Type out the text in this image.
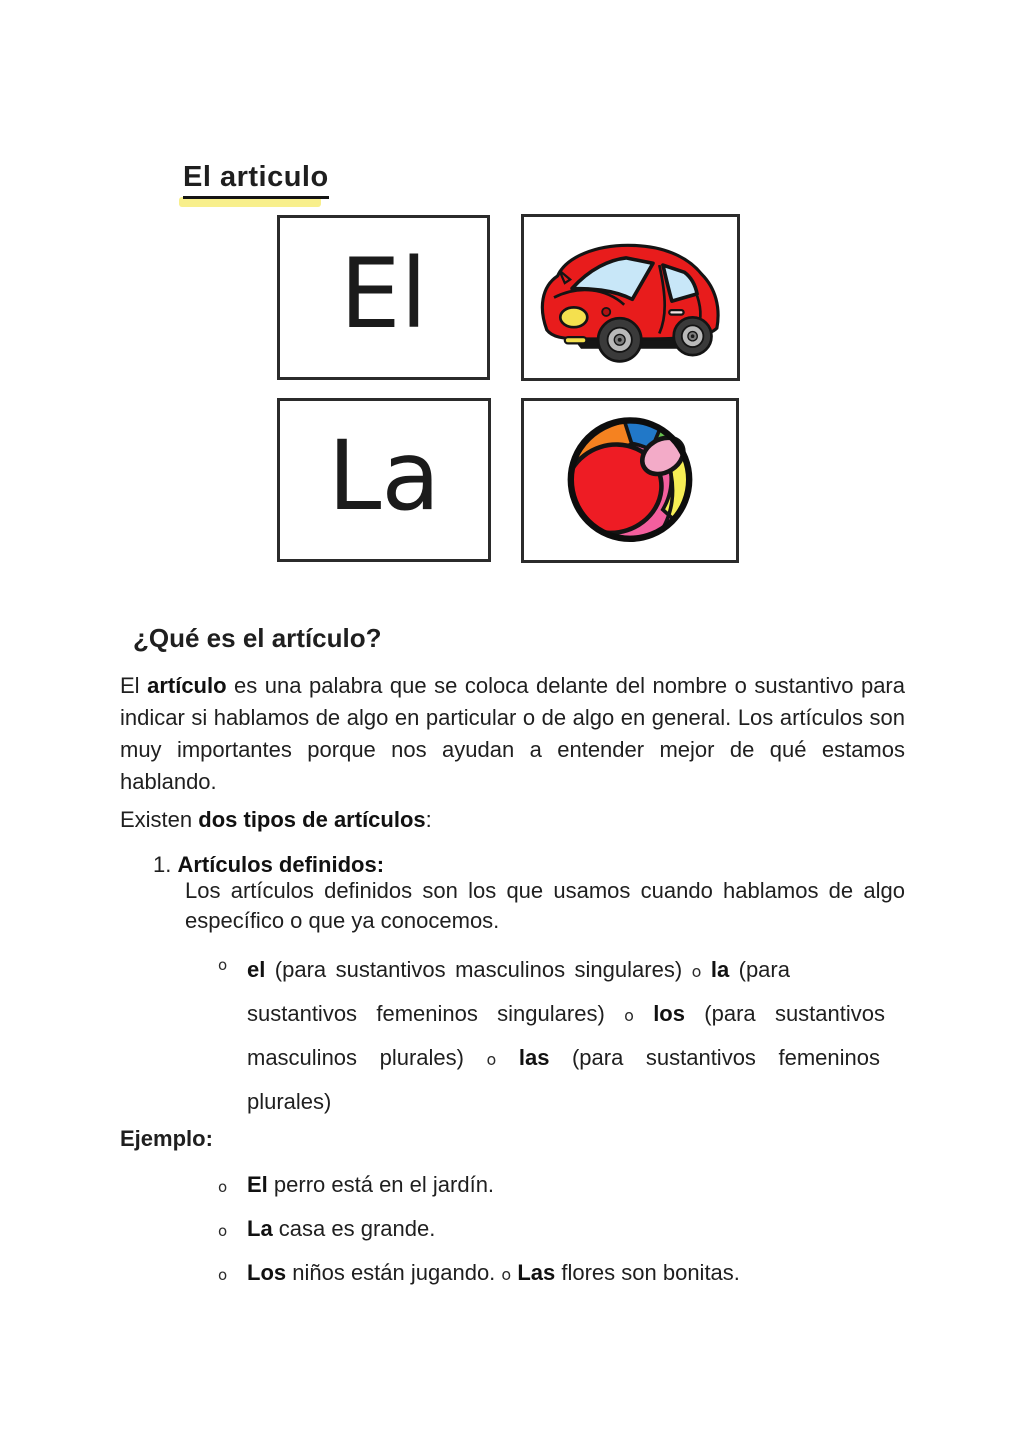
El articulo
El
La
¿Qué es el artículo?
El artículo es una palabra que se coloca delante del nombre o sustantivo para
indicar si hablamos de algo en particular o de algo en general. Los artículos son
muy importantes porque nos ayudan a entender mejor de qué estamos
hablando.
Existen dos tipos de artículos:
1. Artículos definidos:
Los artículos definidos son los que usamos cuando hablamos de algo
específico o que ya conocemos.
o el (para sustantivos masculinos singulares) o la (para
sustantivos femeninos singulares) o los (para sustantivos
masculinos plurales) o las (para sustantivos femeninos
plurales)
Ejemplo:
o El perro está en el jardín.
o La casa es grande.
o Los niños están jugando. o Las flores son bonitas.
